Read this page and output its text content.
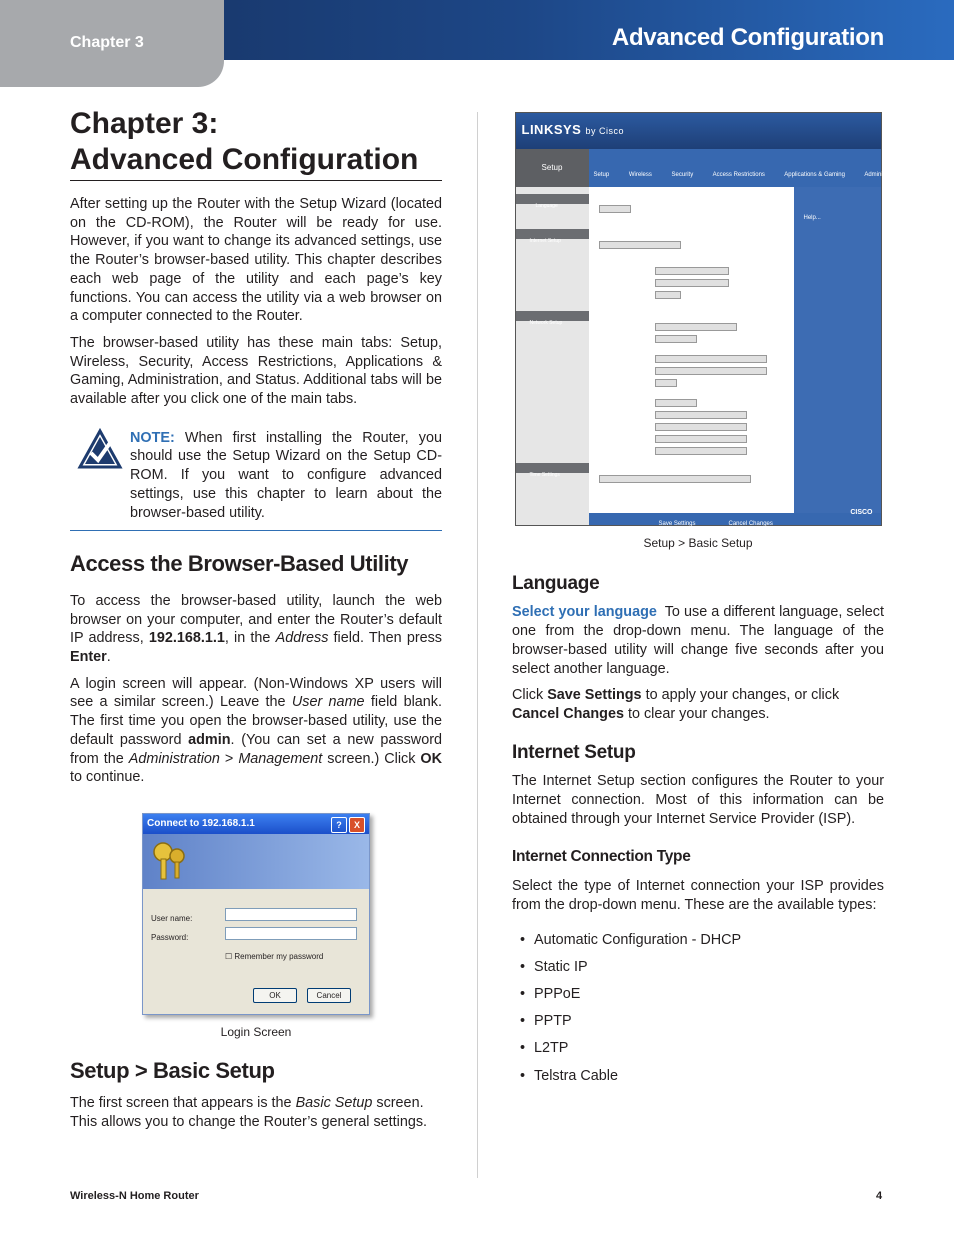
Chapter 3	Advanced Configuration
Chapter 3:
Advanced Configuration

After setting up the Router with the Setup Wizard (located on the CD-ROM), the Router will be ready for use. However, if you want to change its advanced settings, use the Router’s browser-based utility. This chapter describes each web page of the utility and each page’s key functions. You can access the utility via a web browser on a computer connected to the Router.

The browser-based utility has these main tabs: Setup, Wireless, Security, Access Restrictions, Applications & Gaming, Administration, and Status. Additional tabs will be available after you click one of the main tabs.

NOTE: When first installing the Router, you should use the Setup Wizard on the Setup CD-ROM. If you want to configure advanced settings, use this chapter to learn about the browser-based utility.

Access the Browser-Based Utility

To access the browser-based utility, launch the web browser on your computer, and enter the Router’s default IP address, 192.168.1.1, in the Address field. Then press Enter.

A login screen will appear. (Non-Windows XP users will see a similar screen.) Leave the User name field blank. The first time you open the browser-based utility, use the default password admin. (You can set a new password from the Administration > Management screen.) Click OK to continue.

Connect to 192.168.1.1	? X
User name:
Password:
☐ Remember my password
OK	Cancel
Login Screen
Setup > Basic Setup

The first screen that appears is the Basic Setup screen. This allows you to change the Router’s general settings.

LINKSYS by Cisco
Setup
Setup	Wireless	Security	Access Restrictions	Applications & Gaming	Administration	Status
Language
Internet Setup
Network Setup
Time Settings
Help...
Save Settings	Cancel Changes
CISCO
Setup > Basic Setup
Language

Select your language To use a different language, select one from the drop-down menu. The language of the browser-based utility will change five seconds after you select another language.

Click Save Settings to apply your changes, or click Cancel Changes to clear your changes.

Internet Setup

The Internet Setup section configures the Router to your Internet connection. Most of this information can be obtained through your Internet Service Provider (ISP).

Internet Connection Type

Select the type of Internet connection your ISP provides from the drop-down menu. These are the available types:

• Automatic Configuration - DHCP
• Static IP
• PPPoE
• PPTP
• L2TP
• Telstra Cable
Wireless-N Home Router	4
